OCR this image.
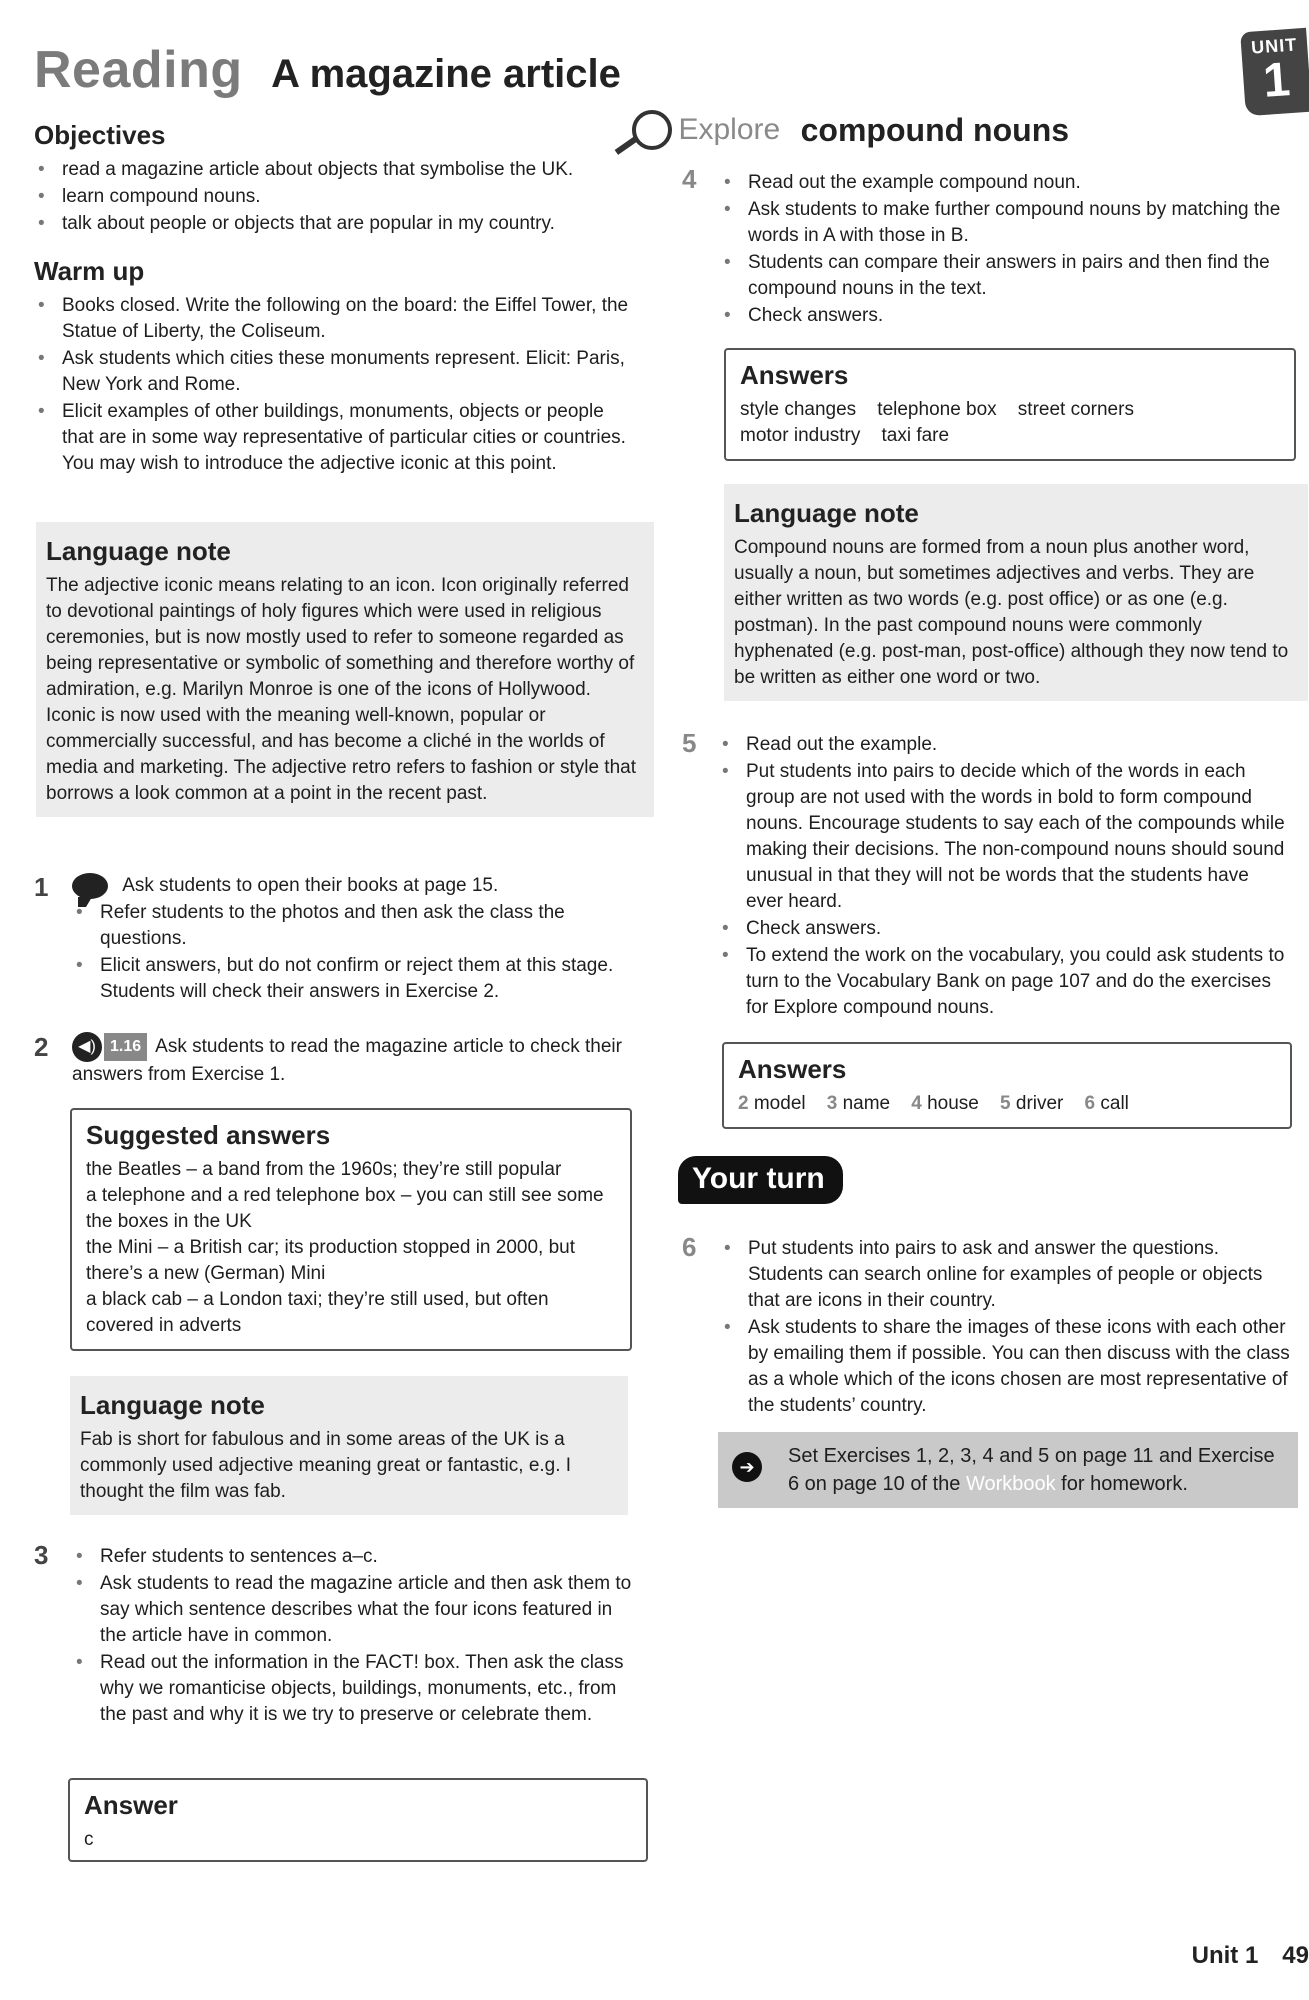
Reading A magazine article
UNIT
1
Objectives
• read a magazine article about objects that symbolise the UK.
• learn compound nouns.
• talk about people or objects that are popular in my country.
Warm up
• Books closed. Write the following on the board: the Eiffel Tower, the Statue of Liberty, the Coliseum.
• Ask students which cities these monuments represent. Elicit: Paris, New York and Rome.
• Elicit examples of other buildings, monuments, objects or people that are in some way representative of particular cities or countries. You may wish to introduce the adjective iconic at this point.
Language note

The adjective iconic means relating to an icon. Icon originally referred to devotional paintings of holy figures which were used in religious ceremonies, but is now mostly used to refer to someone regarded as being representative or symbolic of something and therefore worthy of admiration, e.g. Marilyn Monroe is one of the icons of Hollywood. Iconic is now used with the meaning well-known, popular or commercially successful, and has become a cliché in the worlds of media and marketing. The adjective retro refers to fashion or style that borrows a look common at a point in the recent past.

1	Ask students to open their books at page 15.
• Refer students to the photos and then ask the class the questions.
• Elicit answers, but do not confirm or reject them at this stage. Students will check their answers in Exercise 2.
2	◀) 1.16 Ask students to read the magazine article to check their answers from Exercise 1.
Suggested answers

the Beatles – a band from the 1960s; they’re still popular

a telephone and a red telephone box – you can still see some the boxes in the UK

the Mini – a British car; its production stopped in 2000, but there’s a new (German) Mini

a black cab – a London taxi; they’re still used, but often covered in adverts

Language note

Fab is short for fabulous and in some areas of the UK is a commonly used adjective meaning great or fantastic, e.g. I thought the film was fab.

3	• Refer students to sentences a–c.
• Ask students to read the magazine article and then ask them to say which sentence describes what the four icons featured in the article have in common.
• Read out the information in the FACT! box. Then ask the class why we romanticise objects, buildings, monuments, etc., from the past and why it is we try to preserve or celebrate them.
Answer

c

Explore compound nouns
4	• Read out the example compound noun.
• Ask students to make further compound nouns by matching the words in A with those in B.
• Students can compare their answers in pairs and then find the compound nouns in the text.
• Check answers.
Answers

style changes    telephone box    street corners

motor industry    taxi fare

Language note

Compound nouns are formed from a noun plus another word, usually a noun, but sometimes adjectives and verbs. They are either written as two words (e.g. post office) or as one (e.g. postman). In the past compound nouns were commonly hyphenated (e.g. post-man, post-office) although they now tend to be written as either one word or two.

5	• Read out the example.
• Put students into pairs to decide which of the words in each group are not used with the words in bold to form compound nouns. Encourage students to say each of the compounds while making their decisions. The non-compound nouns should sound unusual in that they will not be words that the students have ever heard.
• Check answers.
• To extend the work on the vocabulary, you could ask students to turn to the Vocabulary Bank on page 107 and do the exercises for Explore compound nouns.
Answers

2 model 3 name 4 house 5 driver 6 call

Your turn
6	• Put students into pairs to ask and answer the questions. Students can search online for examples of people or objects that are icons in their country.
• Ask students to share the images of these icons with each other by emailing them if possible. You can then discuss with the class as a whole which of the icons chosen are most representative of the students’ country.
➔	Set Exercises 1, 2, 3, 4 and 5 on page 11 and Exercise 6 on page 10 of the Workbook for homework.
Unit 1 49
